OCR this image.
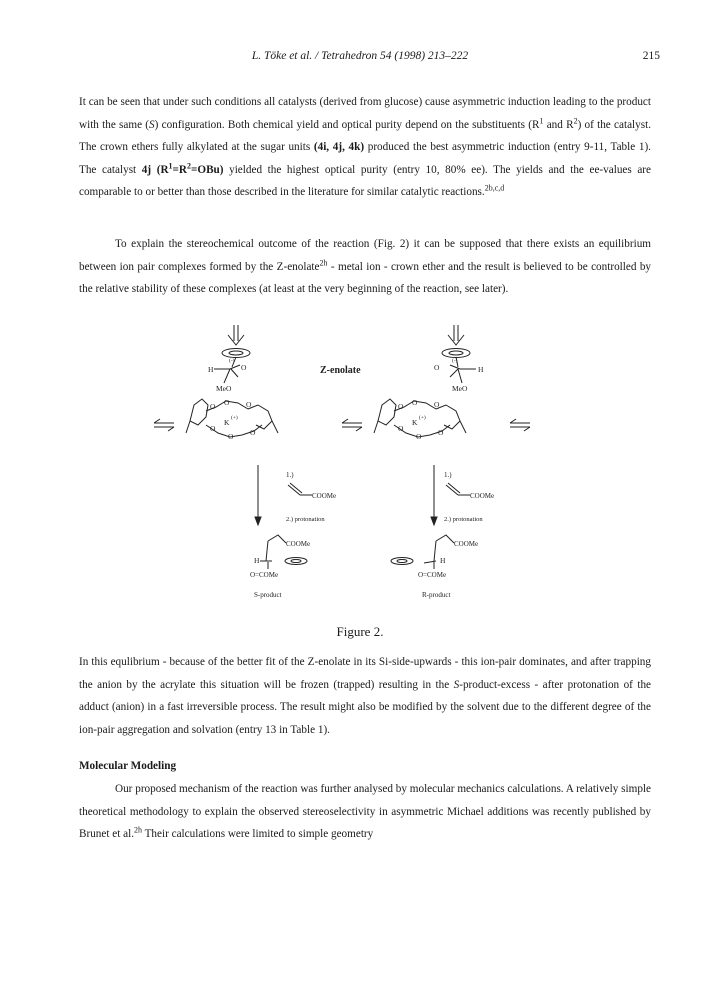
L. Töke et al. / Tetrahedron 54 (1998) 213–222	215
It can be seen that under such conditions all catalysts (derived from glucose) cause asymmetric induction leading to the product with the same (S) configuration. Both chemical yield and optical purity depend on the substituents ($R^1$ and $R^2$) of the catalyst. The crown ethers fully alkylated at the sugar units (4i, 4j, 4k) produced the best asymmetric induction (entry 9-11, Table 1). The catalyst 4j $(R^1=R^2=OBu)$ yielded the highest optical purity (entry 10, 80% ee). The yields and the ee-values are comparable to or better than those described in the literature for similar catalytic reactions.$^{2b,c,d}$
To explain the stereochemical outcome of the reaction (Fig. 2) it can be supposed that there exists an equilibrium between ion pair complexes formed by the Z-enolate$^{2h}$ - metal ion - crown ether and the result is believed to be controlled by the relative stability of these complexes (at least at the very beginning of the reaction, see later).
H
(-)
O
MeO
Z-enolate	H
(-)
O
MeO
O O O
O
O O
K (+)
O O O
O
O O
K (+)
1.)
COOMe
2.) protonation
1.)
COOMe
2.) protonation
COOMe
H
O=COMe
S-product
COOMe
H
O=COMe
R-product
Figure 2.
In this equlibrium - because of the better fit of the Z-enolate in its Si-side-upwards - this ion-pair dominates, and after trapping the anion by the acrylate this situation will be frozen (trapped) resulting in the S-product-excess - after protonation of the adduct (anion) in a fast irreversible process. The result might also be modified by the solvent due to the different degree of the ion-pair aggregation and solvation (entry 13 in Table 1).
Molecular Modeling
Our proposed mechanism of the reaction was further analysed by molecular mechanics calculations. A relatively simple theoretical methodology to explain the observed stereoselectivity in asymmetric Michael additions was recently published by Brunet et al.$^{2h}$ Their calculations were limited to simple geometry
